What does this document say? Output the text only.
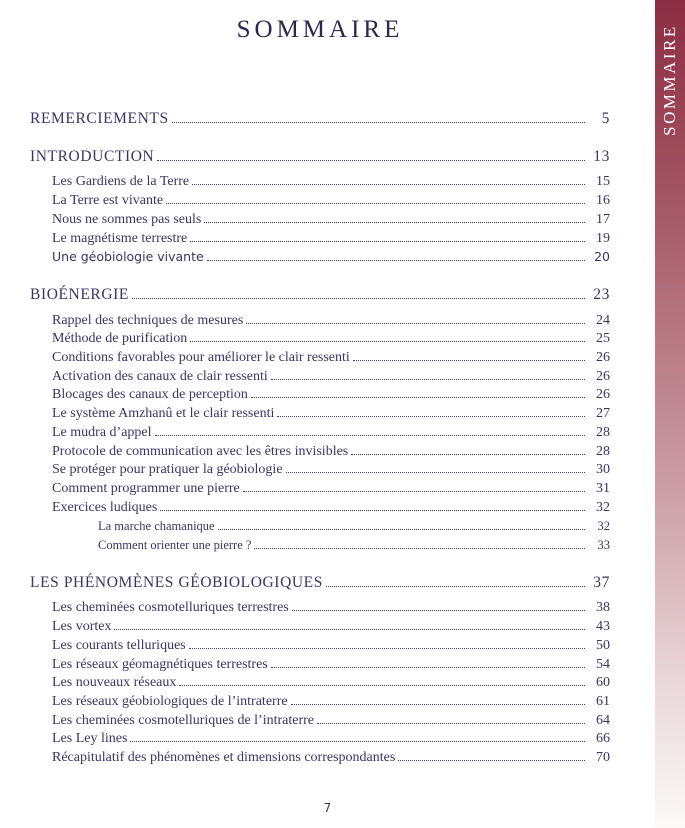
SOMMAIRE
REMERCIEMENTS	5
INTRODUCTION	13
Les Gardiens de la Terre	15
La Terre est vivante	16
Nous ne sommes pas seuls	17
Le magnétisme terrestre	19
Une géobiologie vivante	20
BIOÉNERGIE	23
Rappel des techniques de mesures	24
Méthode de purification	25
Conditions favorables pour améliorer le clair ressenti	26
Activation des canaux de clair ressenti	26
Blocages des canaux de perception	26
Le système Amzhanû et le clair ressenti	27
Le mudra d’appel	28
Protocole de communication avec les êtres invisibles	28
Se protéger pour pratiquer la géobiologie	30
Comment programmer une pierre	31
Exercices ludiques	32
La marche chamanique	32
Comment orienter une pierre ?	33
LES PHÉNOMÈNES GÉOBIOLOGIQUES	37
Les cheminées cosmotelluriques terrestres	38
Les vortex	43
Les courants telluriques	50
Les réseaux géomagnétiques terrestres	54
Les nouveaux réseaux	60
Les réseaux géobiologiques de l’intraterre	61
Les cheminées cosmotelluriques de l’intraterre	64
Les Ley lines	66
Récapitulatif des phénomènes et dimensions correspondantes	70
7
SOMMAIRE
